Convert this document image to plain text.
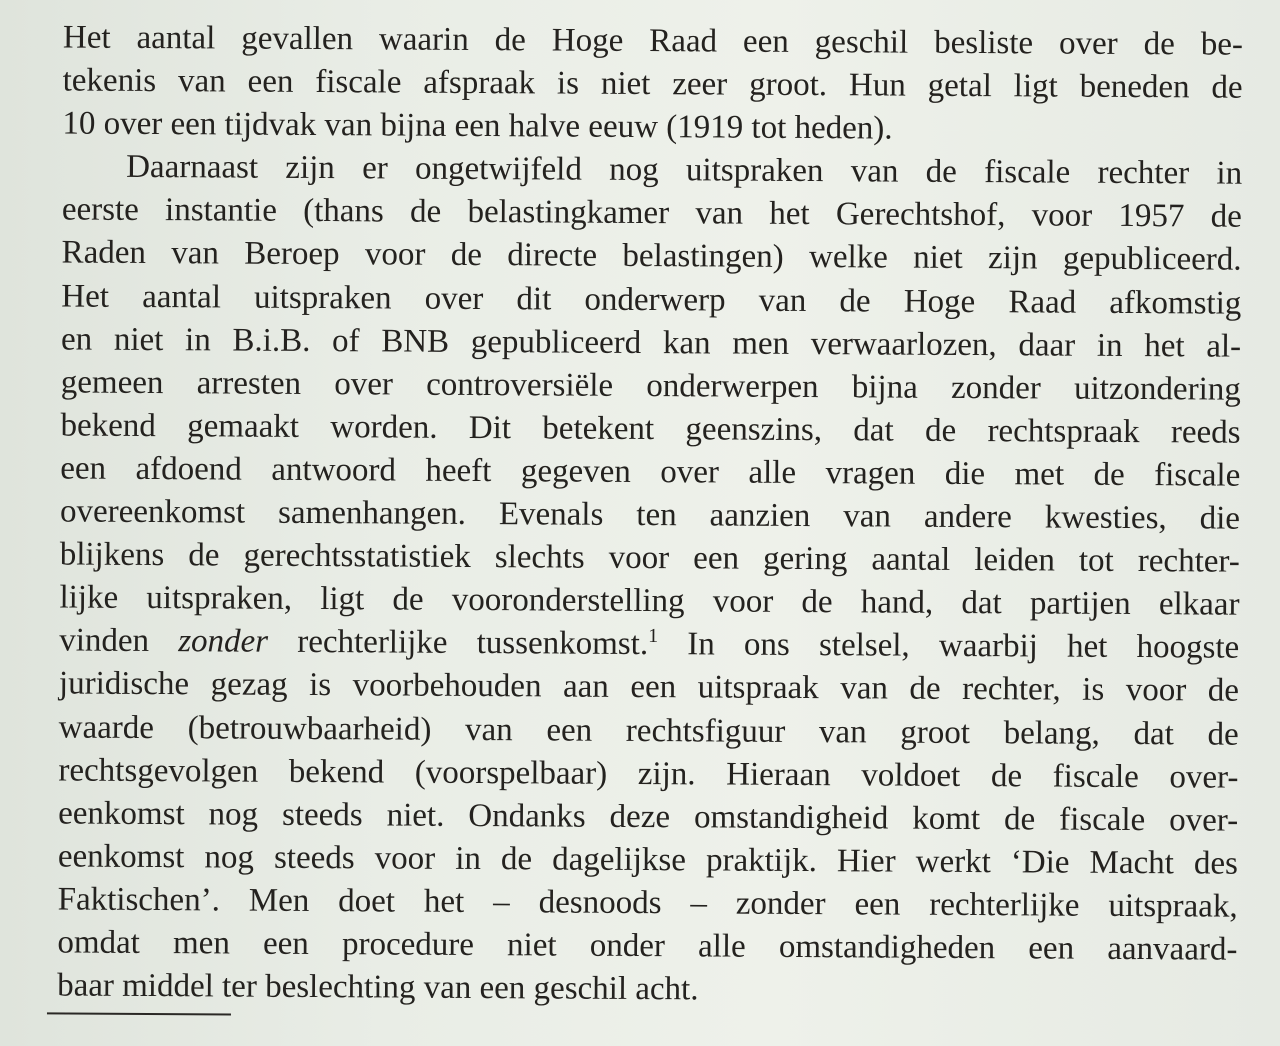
Het aantal gevallen waarin de Hoge Raad een geschil besliste over de be-
tekenis van een fiscale afspraak is niet zeer groot. Hun getal ligt beneden de
10 over een tijdvak van bijna een halve eeuw (1919 tot heden).
Daarnaast zijn er ongetwijfeld nog uitspraken van de fiscale rechter in
eerste instantie (thans de belastingkamer van het Gerechtshof, voor 1957 de
Raden van Beroep voor de directe belastingen) welke niet zijn gepubliceerd.
Het aantal uitspraken over dit onderwerp van de Hoge Raad afkomstig
en niet in B.i.B. of BNB gepubliceerd kan men verwaarlozen, daar in het al-
gemeen arresten over controversiële onderwerpen bijna zonder uitzondering
bekend gemaakt worden. Dit betekent geenszins, dat de rechtspraak reeds
een afdoend antwoord heeft gegeven over alle vragen die met de fiscale
overeenkomst samenhangen. Evenals ten aanzien van andere kwesties, die
blijkens de gerechtsstatistiek slechts voor een gering aantal leiden tot rechter-
lijke uitspraken, ligt de vooronderstelling voor de hand, dat partijen elkaar
vinden zonder rechterlijke tussenkomst.$^1$ In ons stelsel, waarbij het hoogste
juridische gezag is voorbehouden aan een uitspraak van de rechter, is voor de
waarde (betrouwbaarheid) van een rechtsfiguur van groot belang, dat de
rechtsgevolgen bekend (voorspelbaar) zijn. Hieraan voldoet de fiscale over-
eenkomst nog steeds niet. Ondanks deze omstandigheid komt de fiscale over-
eenkomst nog steeds voor in de dagelijkse praktijk. Hier werkt ‘Die Macht des
Faktischen’. Men doet het – desnoods – zonder een rechterlijke uitspraak,
omdat men een procedure niet onder alle omstandigheden een aanvaard-
baar middel ter beslechting van een geschil acht.
